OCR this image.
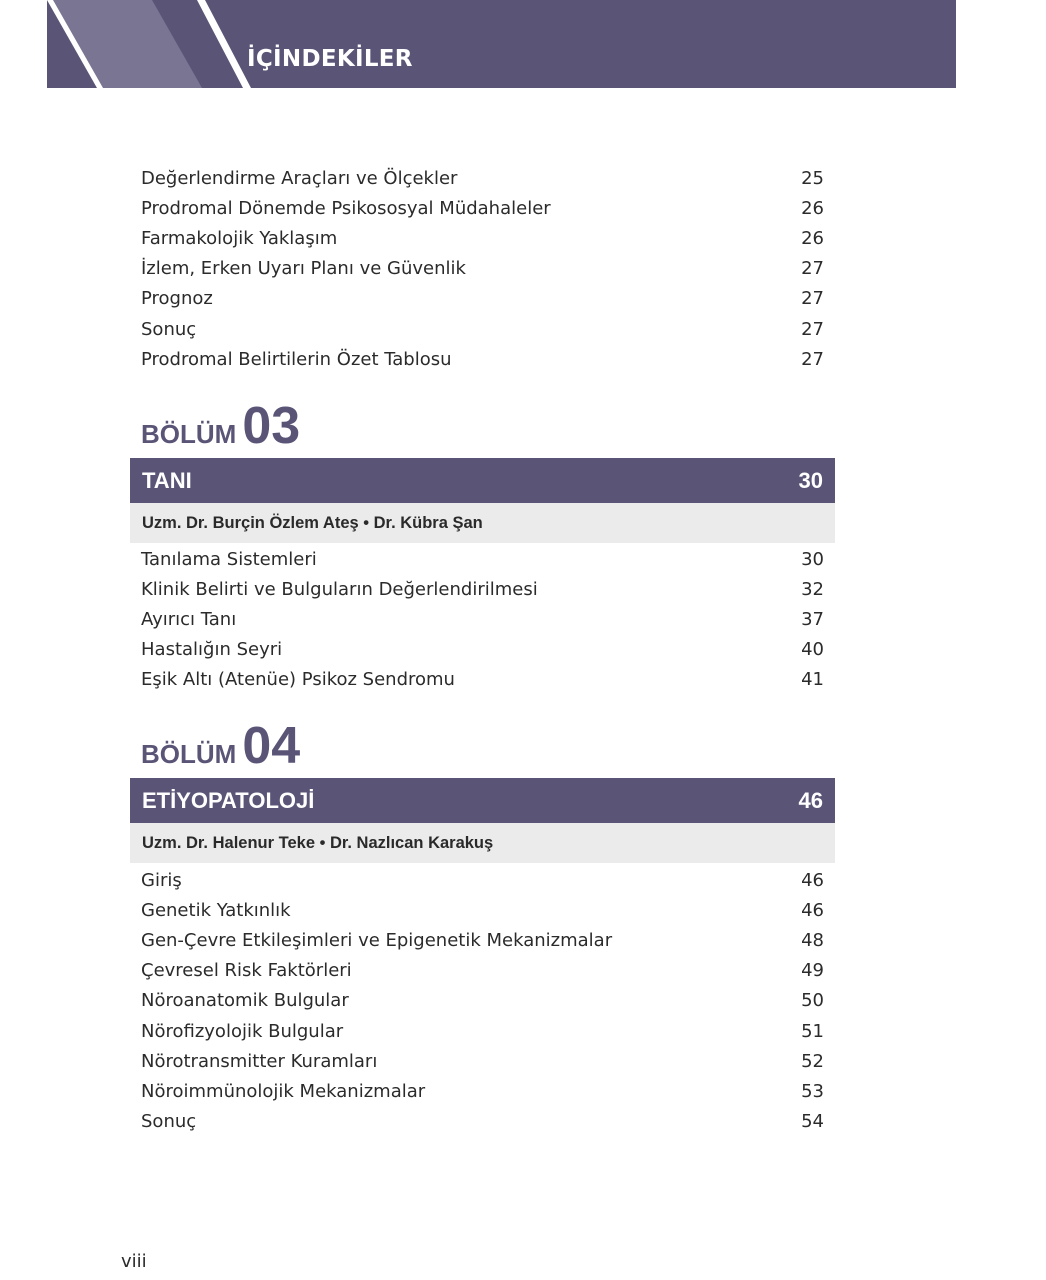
İÇİNDEKİLER
Değerlendirme Araçları ve Ölçekler	25
Prodromal Dönemde Psikososyal Müdahaleler	26
Farmakolojik Yaklaşım	26
İzlem, Erken Uyarı Planı ve Güvenlik	27
Prognoz	27
Sonuç	27
Prodromal Belirtilerin Özet Tablosu	27
BÖLÜM 03
TANI	30
Uzm. Dr. Burçin Özlem Ateş • Dr. Kübra Şan
Tanılama Sistemleri	30
Klinik Belirti ve Bulguların Değerlendirilmesi	32
Ayırıcı Tanı	37
Hastalığın Seyri	40
Eşik Altı (Atenüe) Psikoz Sendromu	41
BÖLÜM 04
ETİYOPATOLOJİ	46
Uzm. Dr. Halenur Teke • Dr. Nazlıcan Karakuş
Giriş	46
Genetik Yatkınlık	46
Gen-Çevre Etkileşimleri ve Epigenetik Mekanizmalar	48
Çevresel Risk Faktörleri	49
Nöroanatomik Bulgular	50
Nörofizyolojik Bulgular	51
Nörotransmitter Kuramları	52
Nöroimmünolojik Mekanizmalar	53
Sonuç	54
viii
